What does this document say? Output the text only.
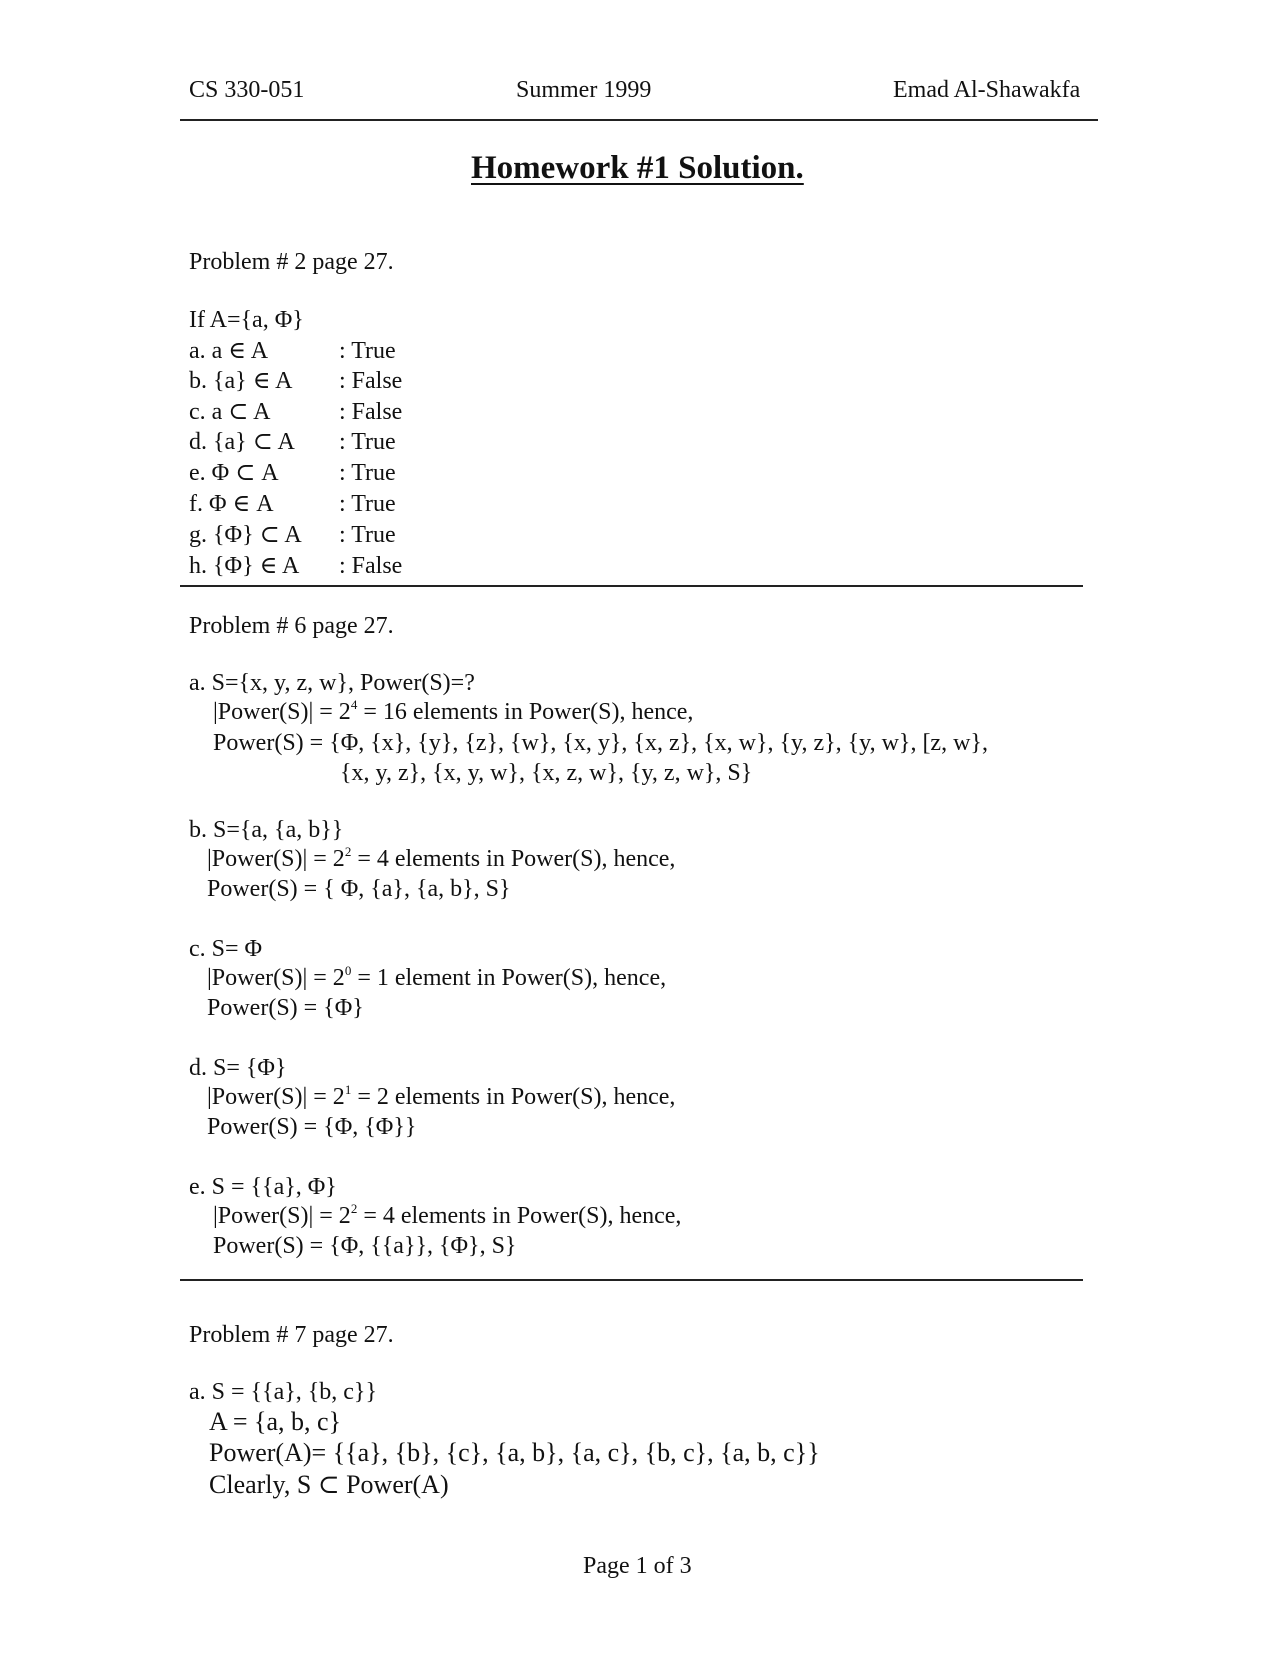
CS 330-051	Summer 1999	Emad Al-Shawakfa
Homework #1 Solution.
Problem # 2 page 27.
If A={a, Φ}
a. a ∈ A	: True
b. {a} ∈ A : False
c. a ⊂ A	: False
d. {a} ⊂ A : True
e. Φ ⊂ A	: True
f. Φ ∈ A	: True
g. {Φ} ⊂ A : True
h. {Φ} ∈ A : False
Problem # 6 page 27.
a. S={x, y, z, w}, Power(S)=?
|Power(S)| = $2^4 = 16$ elements in Power(S), hence,
Power(S) = {Φ, {x}, {y}, {z}, {w}, {x, y}, {x, z}, {x, w}, {y, z}, {y, w}, [z, w},
{x, y, z}, {x, y, w}, {x, z, w}, {y, z, w}, S}
b. S={a, {a, b}}
|Power(S)| = $2^2 = 4$ elements in Power(S), hence,
Power(S) = { Φ, {a}, {a, b}, S}
c. S= Φ
|Power(S)| = $2^0 = 1$ element in Power(S), hence,
Power(S) = {Φ}
d. S= {Φ}
|Power(S)| = $2^1 = 2$ elements in Power(S), hence,
Power(S) = {Φ, {Φ}}
e. S = {{a}, Φ}
|Power(S)| = $2^2 = 4$ elements in Power(S), hence,
Power(S) = {Φ, {{a}}, {Φ}, S}
Problem # 7 page 27.
a. S = {{a}, {b, c}}
A = {a, b, c}
Power(A)= {{a}, {b}, {c}, {a, b}, {a, c}, {b, c}, {a, b, c}}
Clearly, S ⊂ Power(A)
Page 1 of 3
